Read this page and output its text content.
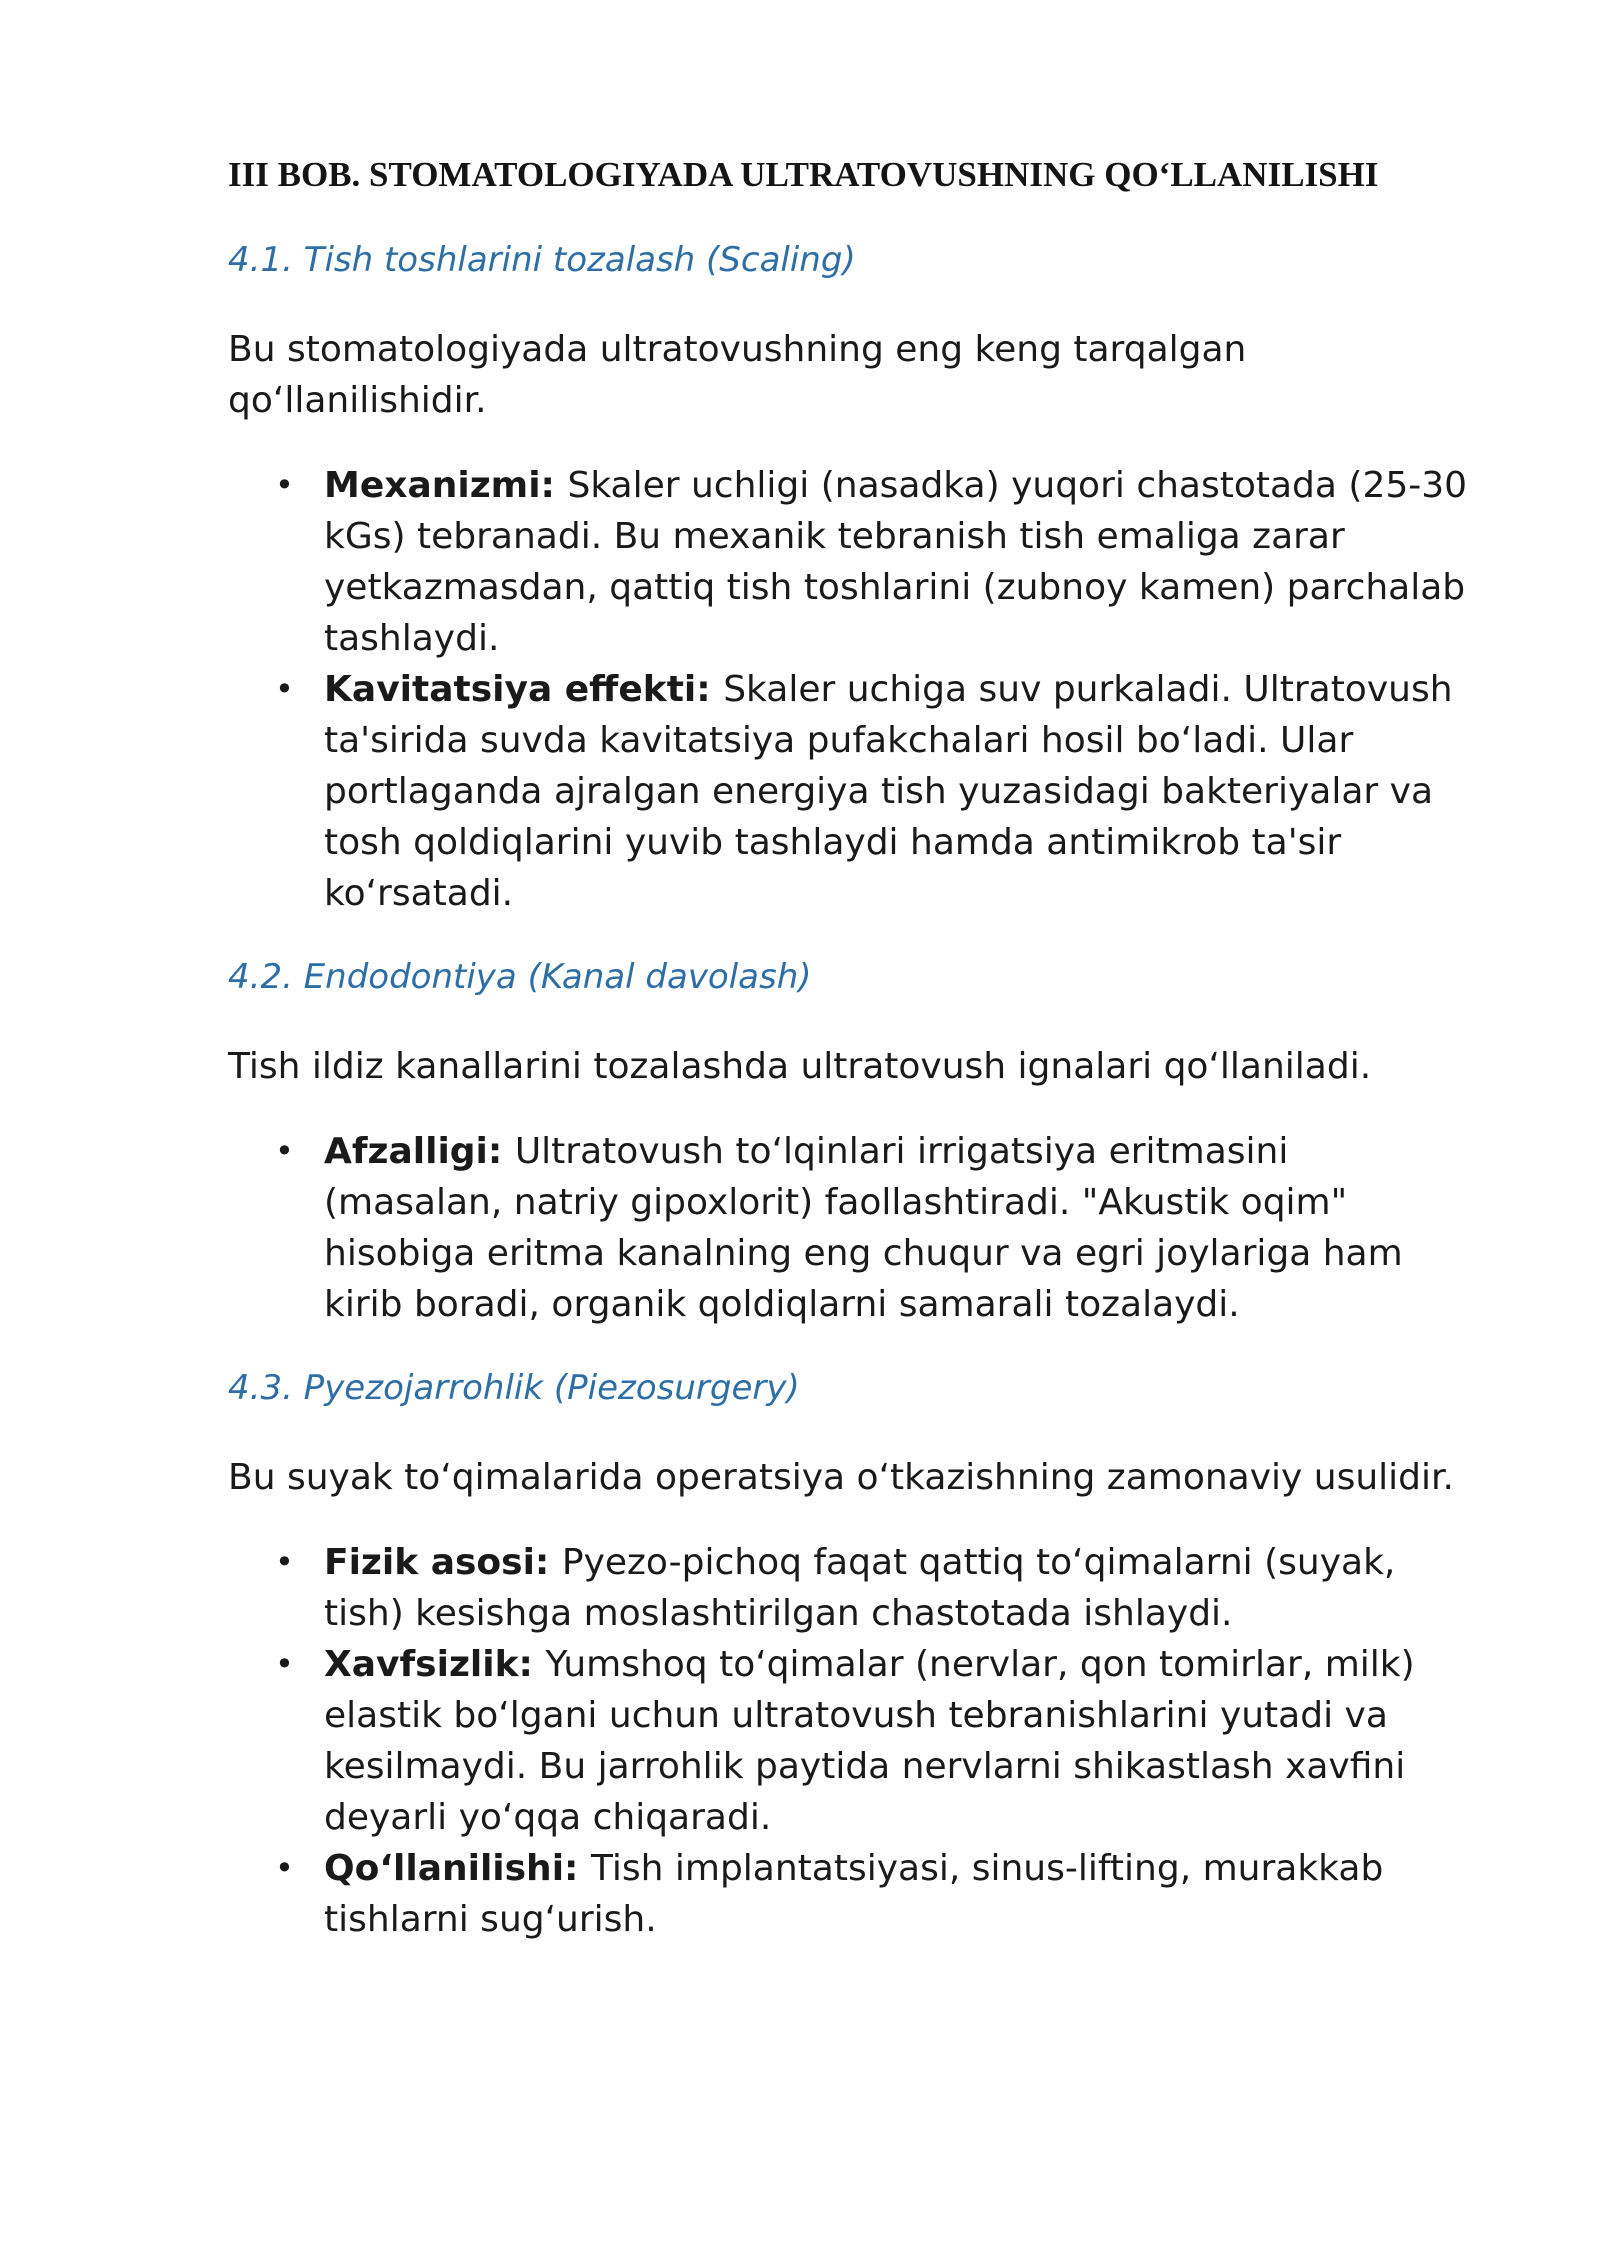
III BOB. STOMATOLOGIYADA ULTRATOVUSHNING QO‘LLANILISHI
4.1. Tish toshlarini tozalash (Scaling)

Bu stomatologiyada ultratovushning eng keng tarqalgan qo‘llanilishidir.

• Mexanizmi: Skaler uchligi (nasadka) yuqori chastotada (25-30 kGs) tebranadi. Bu mexanik tebranish tish emaliga zarar yetkazmasdan, qattiq tish toshlarini (zubnoy kamen) parchalab tashlaydi.
• Kavitatsiya effekti: Skaler uchiga suv purkaladi. Ultratovush ta'sirida suvda kavitatsiya pufakchalari hosil bo‘ladi. Ular portlaganda ajralgan energiya tish yuzasidagi bakteriyalar va tosh qoldiqlarini yuvib tashlaydi hamda antimikrob ta'sir ko‘rsatadi.
4.2. Endodontiya (Kanal davolash)

Tish ildiz kanallarini tozalashda ultratovush ignalari qo‘llaniladi.

• Afzalligi: Ultratovush to‘lqinlari irrigatsiya eritmasini (masalan, natriy gipoxlorit) faollashtiradi. "Akustik oqim" hisobiga eritma kanalning eng chuqur va egri joylariga ham kirib boradi, organik qoldiqlarni samarali tozalaydi.
4.3. Pyezojarrohlik (Piezosurgery)

Bu suyak to‘qimalarida operatsiya o‘tkazishning zamonaviy usulidir.

• Fizik asosi: Pyezo-pichoq faqat qattiq to‘qimalarni (suyak, tish) kesishga moslashtirilgan chastotada ishlaydi.
• Xavfsizlik: Yumshoq to‘qimalar (nervlar, qon tomirlar, milk) elastik bo‘lgani uchun ultratovush tebranishlarini yutadi va kesilmaydi. Bu jarrohlik paytida nervlarni shikastlash xavfini deyarli yo‘qqa chiqaradi.
• Qo‘llanilishi: Tish implantatsiyasi, sinus-lifting, murakkab tishlarni sug‘urish.
